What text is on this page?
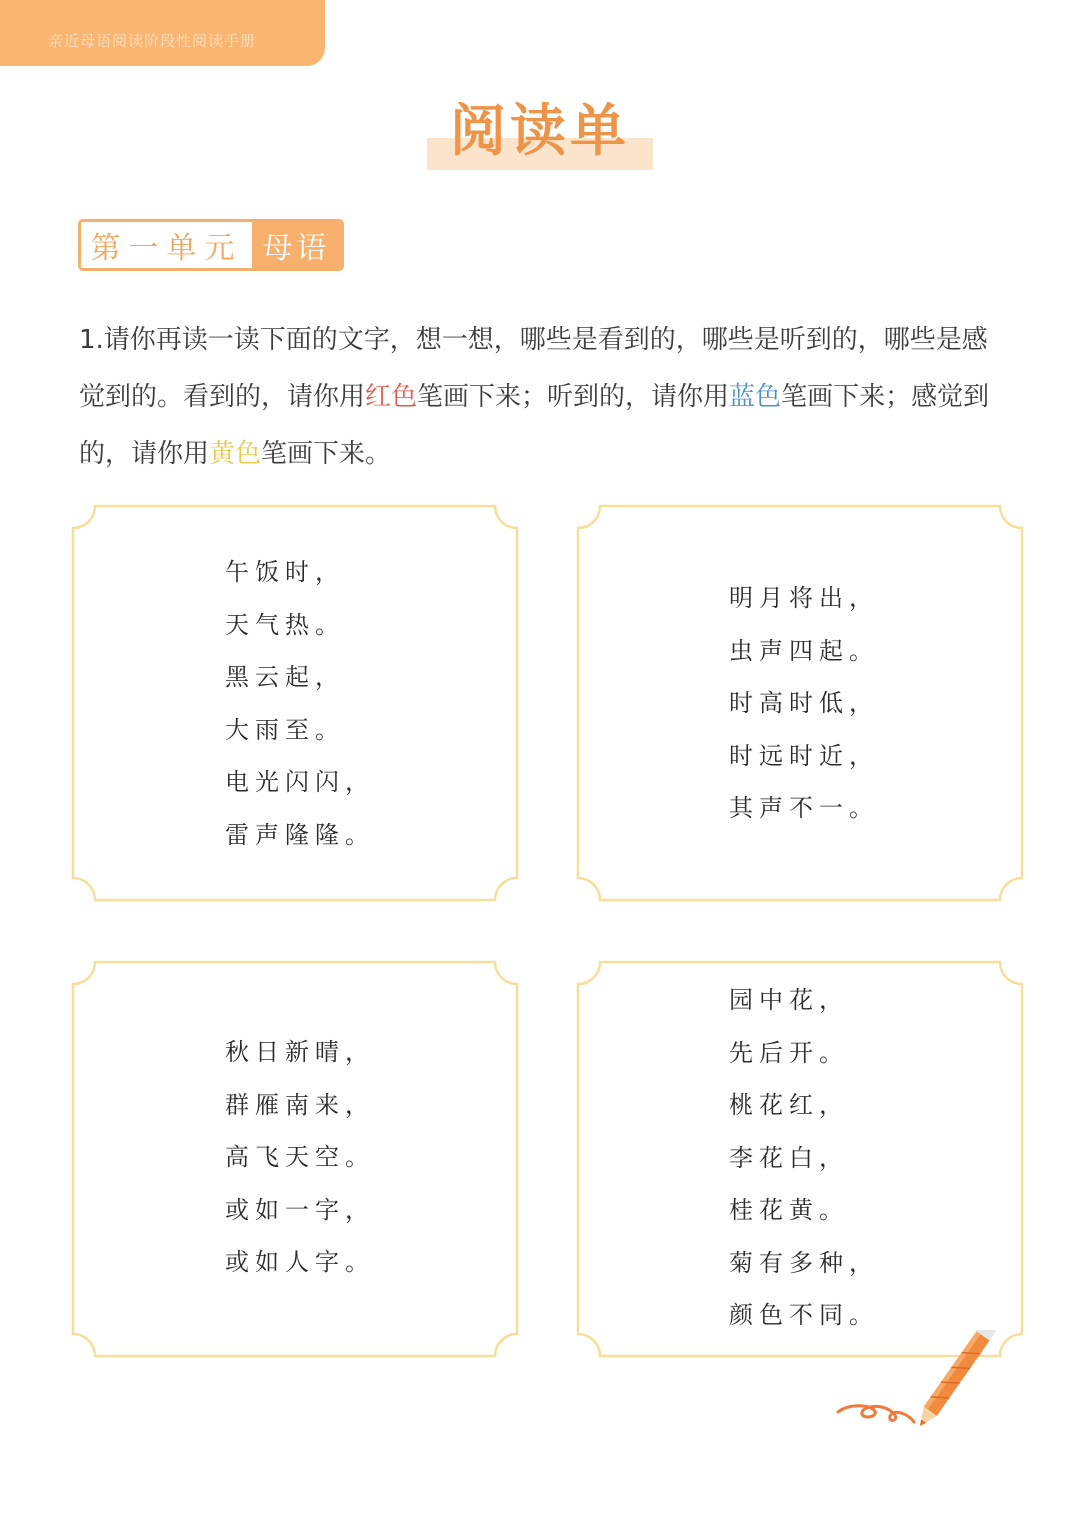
亲近母语阅读阶段性阅读手册
阅读单
第一单元 母语
1.请你再读一读下面的文字，想一想，哪些是看到的，哪些是听到的，哪些是感觉到的。看到的，请你用红色笔画下来；听到的，请你用蓝色笔画下来；感觉到的，请你用黄色笔画下来。
午饭时，
天气热。
黑云起，
大雨至。
电光闪闪，
雷声隆隆。
明月将出，
虫声四起。
时高时低，
时远时近，
其声不一。
秋日新晴，
群雁南来，
高飞天空。
或如一字，
或如人字。
园中花，
先后开。
桃花红，
李花白，
桂花黄。
菊有多种，
颜色不同。
